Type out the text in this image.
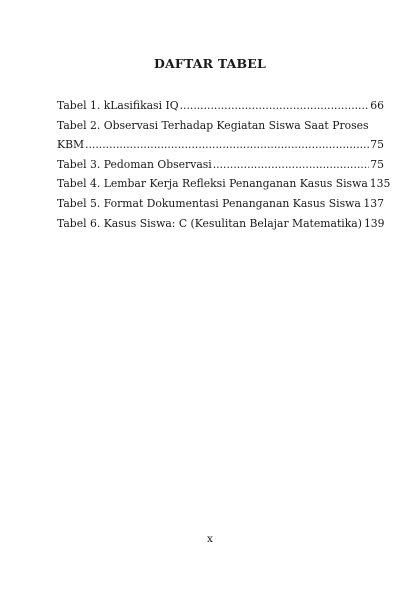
DAFTAR TABEL
Tabel 1. kLasifikasi IQ .....	66
Tabel 2. Observasi Terhadap Kegiatan Siswa Saat Proses
KBM .....	75
Tabel 3. Pedoman Observasi .....	75
Tabel 4. Lembar Kerja Refleksi Penanganan Kasus Siswa 135
Tabel 5. Format Dokumentasi Penanganan Kasus Siswa ..... 137
Tabel 6. Kasus Siswa: C (Kesulitan Belajar Matematika) 139
x
